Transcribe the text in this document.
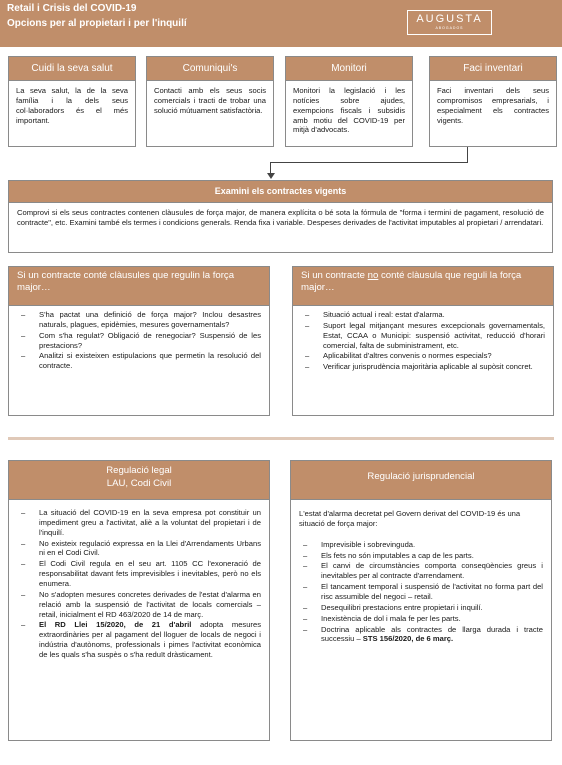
Retail i Crisis del COVID-19
Opcions per al propietari i per l'inquilí	AUGUSTA
ABOGADOS
Cuidi la seva salut
La seva salut, la de la seva família i la dels seus col·laboradors és el més important.
Comuniqui's
Contacti amb els seus socis comercials i tracti de trobar una solució mútuament satisfactòria.
Monitori
Monitori la legislació i les notícies sobre ajudes, exempcions fiscals i subsidis amb motiu del COVID-19 per mitjà d'advocats.
Faci inventari
Faci inventari dels seus compromisos empresarials, i especialment els contractes vigents.
Examini els contractes vigents
Comprovi si els seus contractes contenen clàusules de força major, de manera explícita o bé sota la fórmula de "forma i termini de pagament, resolució de contracte", etc. Examini també els termes i condicions generals. Renda fixa i variable. Despeses derivades de l'activitat imputables al propietari / arrendatari.
Si un contracte conté clàusules que regulin la força major…
– S'ha pactat una definició de força major? Inclou desastres naturals, plagues, epidèmies, mesures governamentals?
– Com s'ha regulat? Obligació de renegociar? Suspensió de les prestacions?
– Analitzi si existeixen estipulacions que permetin la resolució del contracte.
Si un contracte no conté clàusula que reguli la força major…
– Situació actual i real: estat d'alarma.
– Suport legal mitjançant mesures excepcionals governamentals, Estat, CCAA o Municipi: suspensió activitat, reducció d'horari comercial, falta de subministrament, etc.
– Aplicabilitat d'altres convenis o normes especials?
– Verificar jurisprudència majoritària aplicable al supòsit concret.
Regulació legal
LAU, Codi Civil
– La situació del COVID-19 en la seva empresa pot constituir un impediment greu a l'activitat, aliè a la voluntat del propietari i de l'inquilí.
– No existeix regulació expressa en la Llei d'Arrendaments Urbans ni en el Codi Civil.
– El Codi Civil regula en el seu art. 1105 CC l'exoneració de responsabilitat davant fets imprevisibles i inevitables, però no els enumera.
– No s'adopten mesures concretes derivades de l'estat d'alarma en relació amb la suspensió de l'activitat de locals comercials – retail, inicialment el RD 463/2020 de 14 de març.
– El RD Llei 15/2020, de 21 d'abril adopta mesures extraordinàries per al pagament del lloguer de locals de negoci i indústria d'autònoms, professionals i pimes l'activitat econòmica de les quals s'ha suspès o s'ha reduït dràsticament.
Regulació jurisprudencial
L'estat d'alarma decretat pel Govern derivat del COVID-19 és una situació de força major:
– Imprevisible i sobrevinguda.
– Els fets no són imputables a cap de les parts.
– El canvi de circumstàncies comporta conseqüències greus i inevitables per al contracte d'arrendament.
– El tancament temporal i suspensió de l'activitat no forma part del risc assumible del negoci – retail.
– Desequilibri prestacions entre propietari i inquilí.
– Inexistència de dol i mala fe per les parts.
– Doctrina aplicable als contractes de llarga durada i tracte successiu – STS 156/2020, de 6 març.
